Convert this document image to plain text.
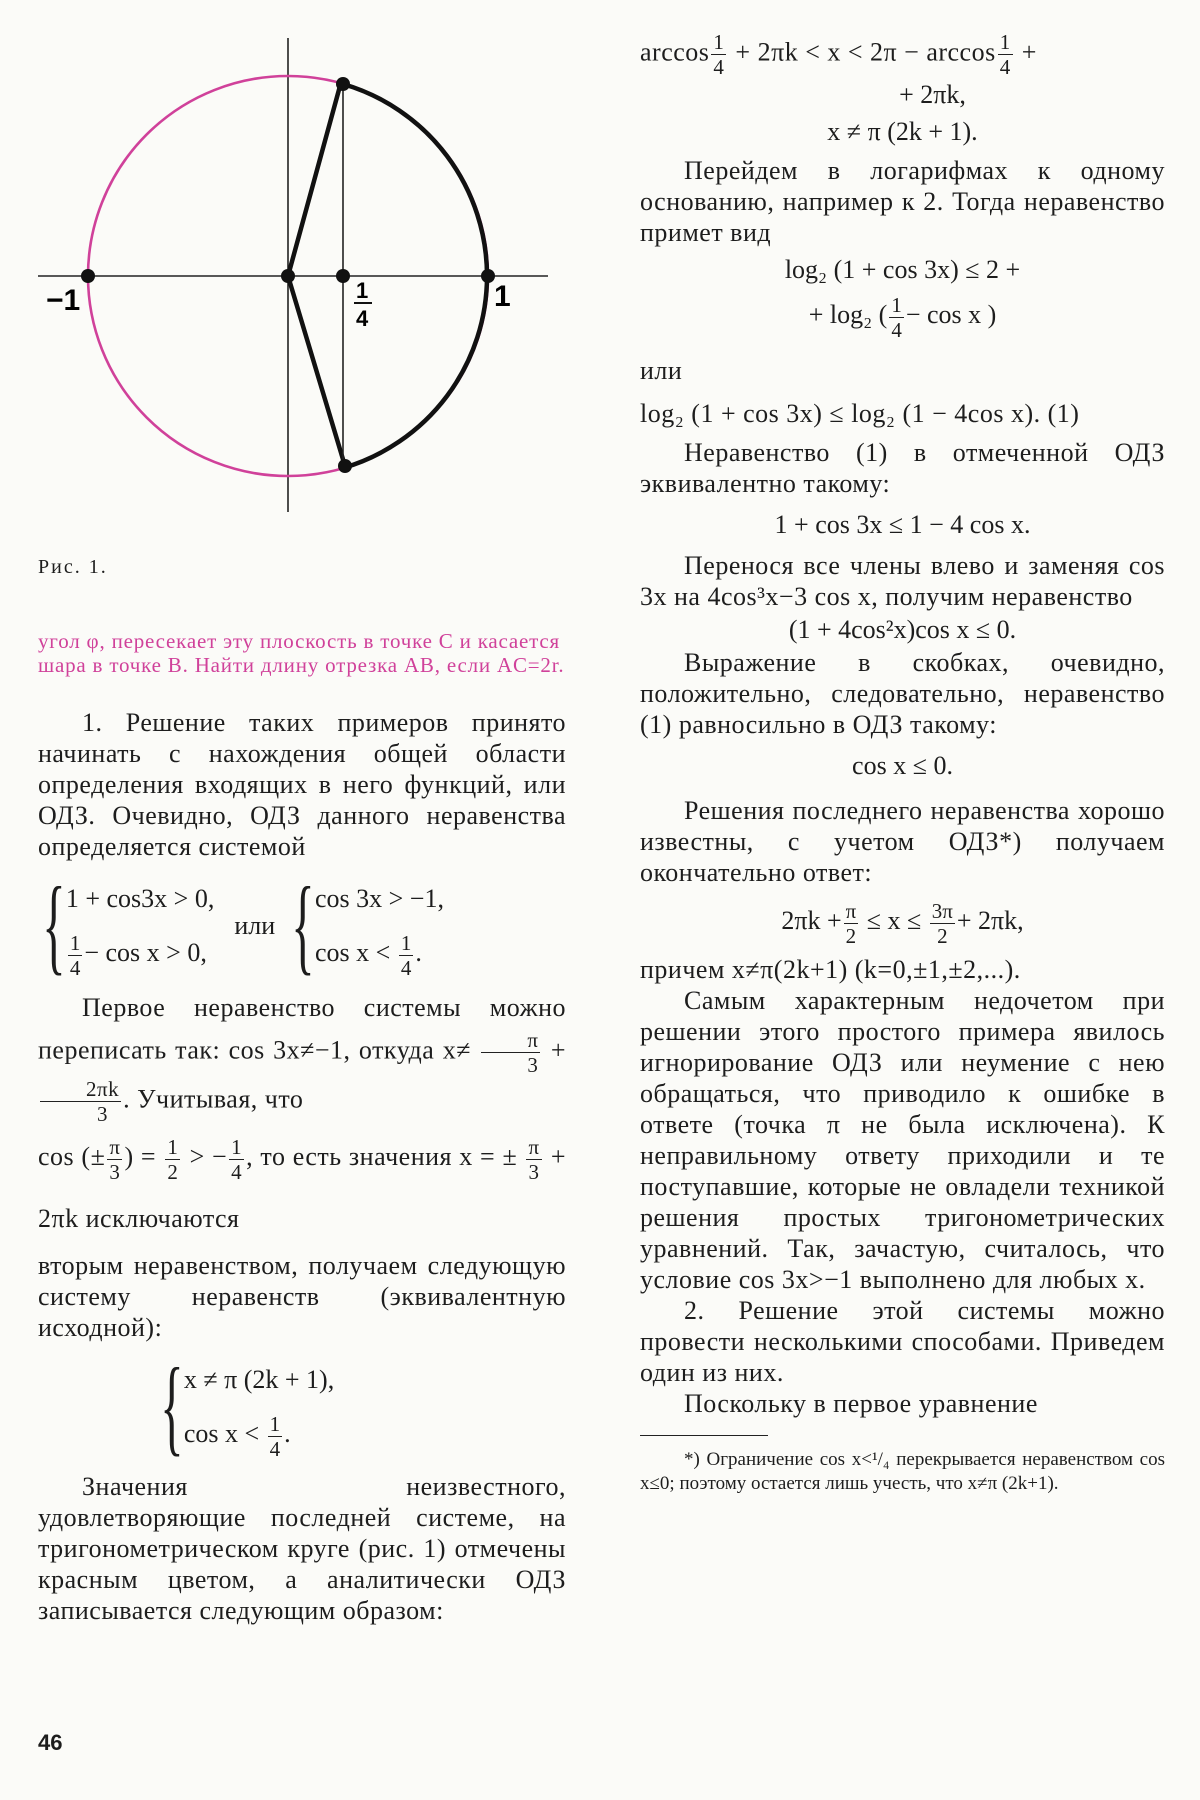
−1	1
1
4

Рис. 1.

угол φ, пересекает эту плоскость в точке C и касается шара в точке B. Найти длину отрезка AB, если AC=2r.

1. Решение таких примеров принято начинать с нахождения общей области определения входящих в него функций, или ОДЗ. Очевидно, ОДЗ данного неравенства определяется системой

{ 1 + cos3x > 0,
$\frac{1}{4} - \cos x > 0$,
или { cos 3x > −1,
$\cos x < \frac{1}{4}$ .

Первое неравенство системы можно переписать так: cos 3x≠−1, откуда $x\ne \frac{\pi}{3}$ +
$\frac{2\pi k}{3}$ . Учитывая, что

cos (± $\frac{\pi}{3}$ ) = $\frac{1}{2}$ > − $\frac{1}{4}$ , то есть значения x = ± $\frac{\pi}{3} + 2\pi k$ исключаются

вторым неравенством, получаем следующую систему неравенств (эквивалентную исходной):

{ x ≠ π (2k + 1),
$\cos x < \frac{1}{4}$ .

Значения неизвестного, удовлетворяющие последней системе, на тригонометрическом круге (рис. 1) отмечены красным цветом, а аналитически ОДЗ записывается следующим образом:

46

$\arccos \frac{1}{4} + 2\pi k < x < 2\pi - \arccos \frac{1}{4}$ +

+ 2πk,

x ≠ π (2k + 1).

Перейдем в логарифмах к одному основанию, например к 2. Тогда неравенство примет вид

log₂ (1 + cos 3x) ≤ 2 +

+ log₂ ( $\frac{1}{4} - \cos x$ )

или

log₂ (1 + cos 3x) ≤ log₂ (1 − 4cos x). (1)

Неравенство (1) в отмеченной ОДЗ эквивалентно такому:

1 + cos 3x ≤ 1 − 4 cos x.

Перенося все члены влево и заменяя cos 3x на 4cos³x−3 cos x, получим неравенство

(1 + 4cos²x)cos x ≤ 0.

Выражение в скобках, очевидно, положительно, следовательно, неравенство (1) равносильно в ОДЗ такому:

cos x ≤ 0.

Решения последнего неравенства хорошо известны, с учетом ОДЗ*) получаем окончательно ответ:

$2\pi k + \frac{\pi}{2} \le x \le \frac{3\pi}{2} + 2\pi k$,

причем x≠π(2k+1) (k=0,±1,±2,...).

Самым характерным недочетом при решении этого простого примера явилось игнорирование ОДЗ или неумение с нею обращаться, что приводило к ошибке в ответе (точка π не была исключена). К неправильному ответу приходили и те поступавшие, которые не овладели техникой решения простых тригонометрических уравнений. Так, зачастую, считалось, что условие cos 3x>−1 выполнено для любых x.

2. Решение этой системы можно провести несколькими способами. Приведем один из них.

Поскольку в первое уравнение

*) Ограничение cos x<¹/₄ перекрывается неравенством cos x≤0; поэтому остается лишь учесть, что x≠π (2k+1).
